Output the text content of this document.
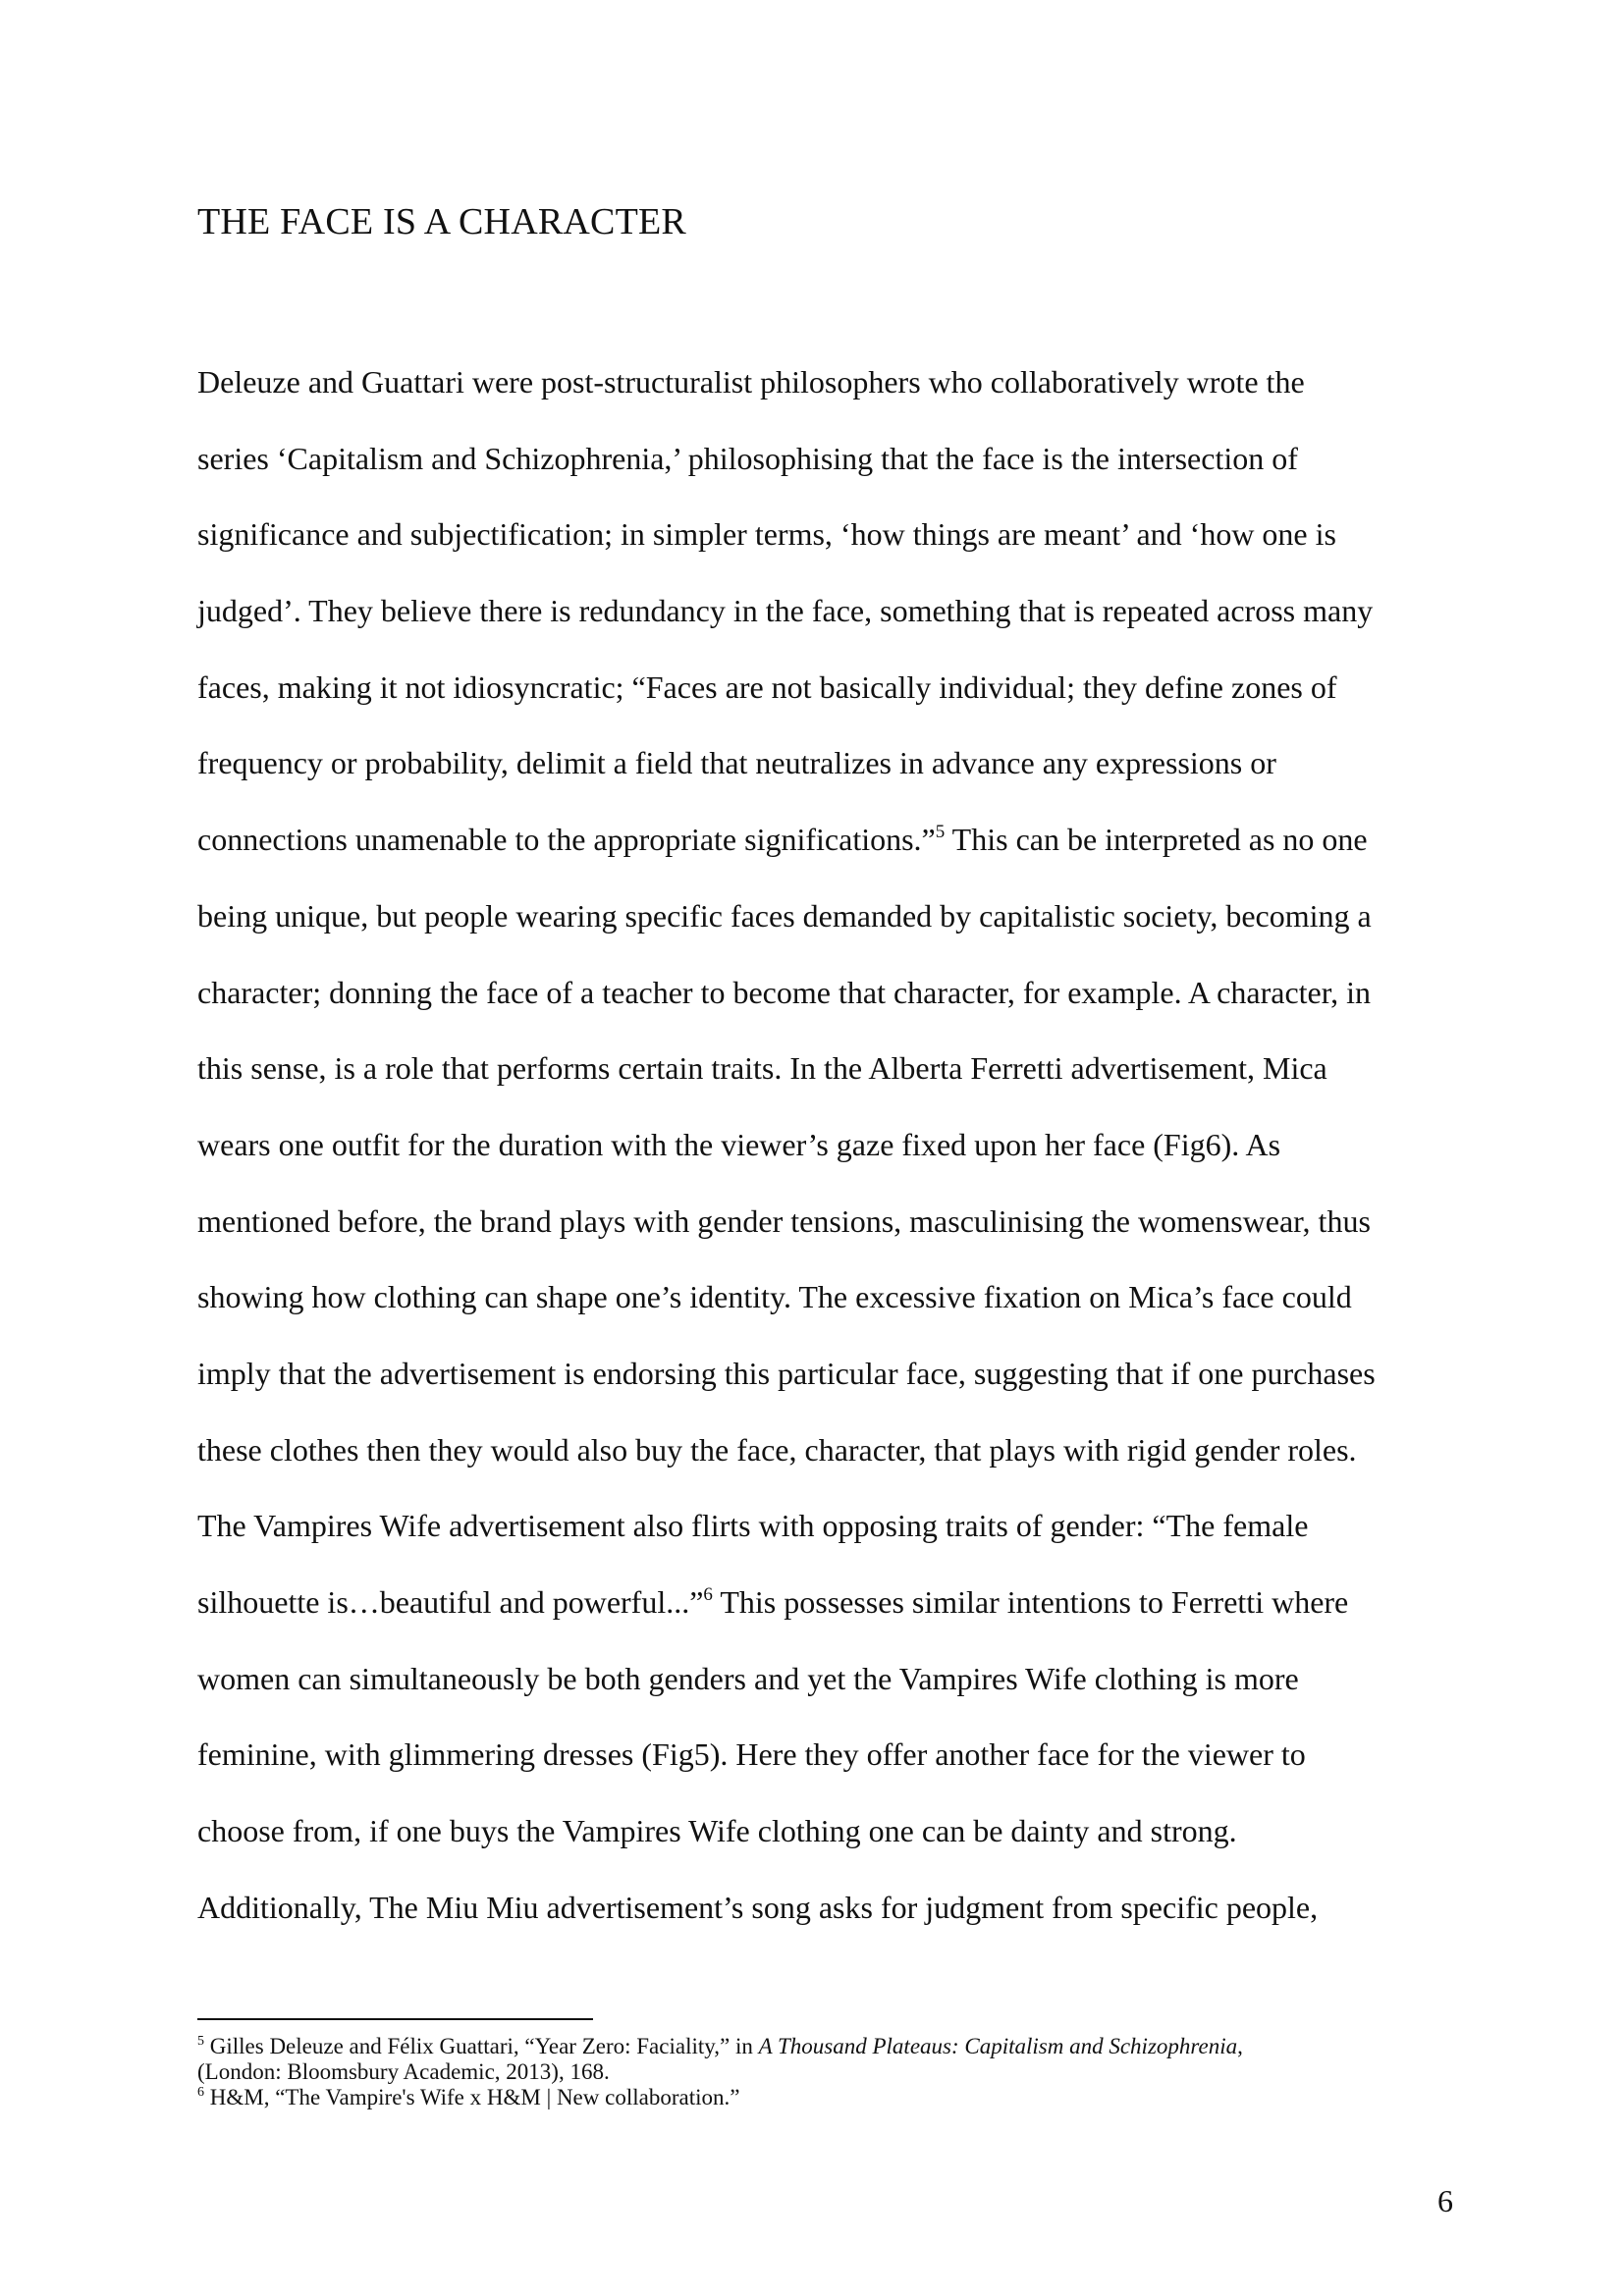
THE FACE IS A CHARACTER
Deleuze and Guattari were post-structuralist philosophers who collaboratively wrote the
series ‘Capitalism and Schizophrenia,’ philosophising that the face is the intersection of
significance and subjectification; in simpler terms, ‘how things are meant’ and ‘how one is
judged’. They believe there is redundancy in the face, something that is repeated across many
faces, making it not idiosyncratic; “Faces are not basically individual; they define zones of
frequency or probability, delimit a field that neutralizes in advance any expressions or
connections unamenable to the appropriate significations.”$^5$ This can be interpreted as no one
being unique, but people wearing specific faces demanded by capitalistic society, becoming a
character; donning the face of a teacher to become that character, for example. A character, in
this sense, is a role that performs certain traits. In the Alberta Ferretti advertisement, Mica
wears one outfit for the duration with the viewer’s gaze fixed upon her face (Fig6). As
mentioned before, the brand plays with gender tensions, masculinising the womenswear, thus
showing how clothing can shape one’s identity. The excessive fixation on Mica’s face could
imply that the advertisement is endorsing this particular face, suggesting that if one purchases
these clothes then they would also buy the face, character, that plays with rigid gender roles.
The Vampires Wife advertisement also flirts with opposing traits of gender: “The female
silhouette is…beautiful and powerful...”$^6$ This possesses similar intentions to Ferretti where
women can simultaneously be both genders and yet the Vampires Wife clothing is more
feminine, with glimmering dresses (Fig5). Here they offer another face for the viewer to
choose from, if one buys the Vampires Wife clothing one can be dainty and strong.
Additionally, The Miu Miu advertisement’s song asks for judgment from specific people,
$^5$ Gilles Deleuze and Félix Guattari, “Year Zero: Faciality,” in A Thousand Plateaus: Capitalism and Schizophrenia,
(London: Bloomsbury Academic, 2013), 168.
$^6$ H&M, “The Vampire's Wife x H&M | New collaboration.”
6
